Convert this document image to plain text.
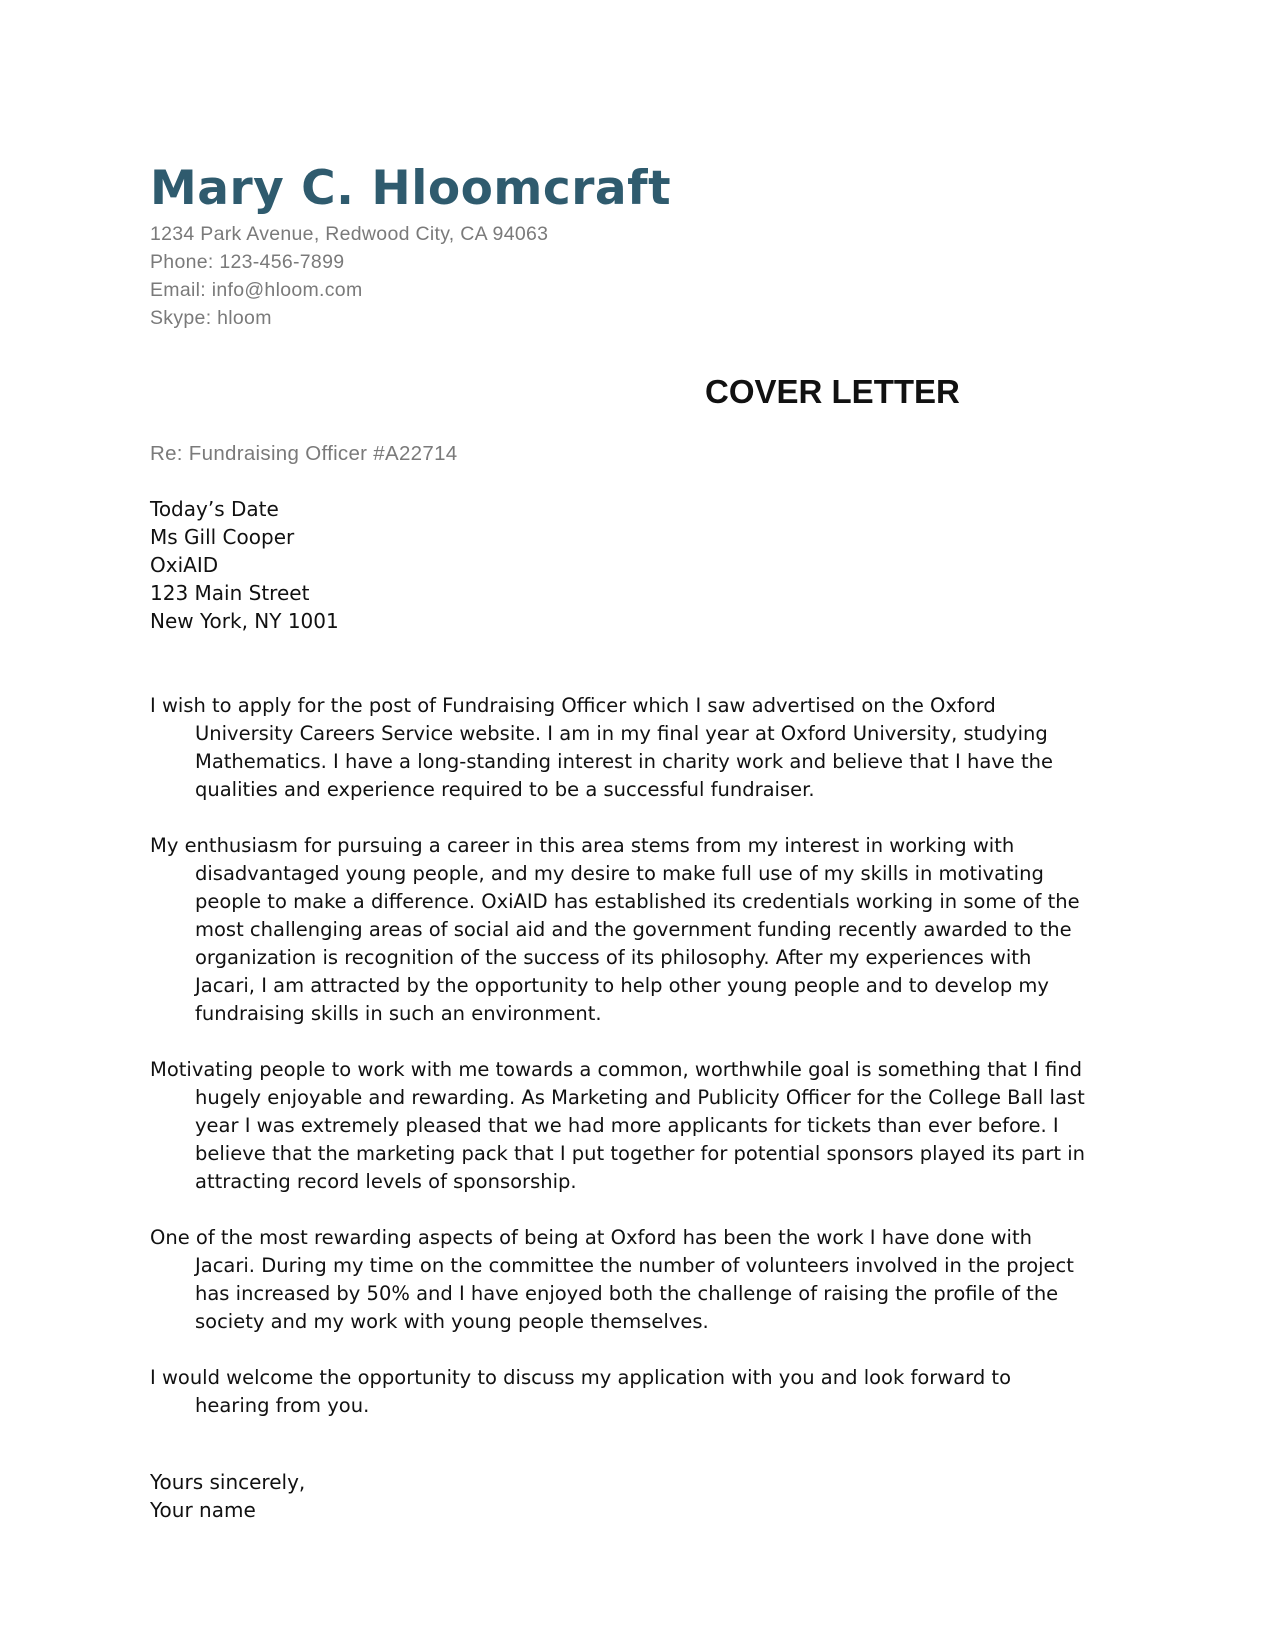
Mary C. Hloomcraft
1234 Park Avenue, Redwood City, CA 94063
Phone: 123-456-7899
Email: info@hloom.com
Skype: hloom
COVER LETTER
Re: Fundraising Officer #A22714
Today’s Date
Ms Gill Cooper
OxiAID
123 Main Street
New York, NY 1001

I wish to apply for the post of Fundraising Officer which I saw advertised on the Oxford University Careers Service website. I am in my final year at Oxford University, studying Mathematics. I have a long-standing interest in charity work and believe that I have the qualities and experience required to be a successful fundraiser.

My enthusiasm for pursuing a career in this area stems from my interest in working with disadvantaged young people, and my desire to make full use of my skills in motivating people to make a difference. OxiAID has established its credentials working in some of the most challenging areas of social aid and the government funding recently awarded to the organization is recognition of the success of its philosophy. After my experiences with Jacari, I am attracted by the opportunity to help other young people and to develop my fundraising skills in such an environment.

Motivating people to work with me towards a common, worthwhile goal is something that I find hugely enjoyable and rewarding. As Marketing and Publicity Officer for the College Ball last year I was extremely pleased that we had more applicants for tickets than ever before. I believe that the marketing pack that I put together for potential sponsors played its part in attracting record levels of sponsorship.

One of the most rewarding aspects of being at Oxford has been the work I have done with Jacari. During my time on the committee the number of volunteers involved in the project has increased by 50% and I have enjoyed both the challenge of raising the profile of the society and my work with young people themselves.

I would welcome the opportunity to discuss my application with you and look forward to hearing from you.

Yours sincerely,
Your name
